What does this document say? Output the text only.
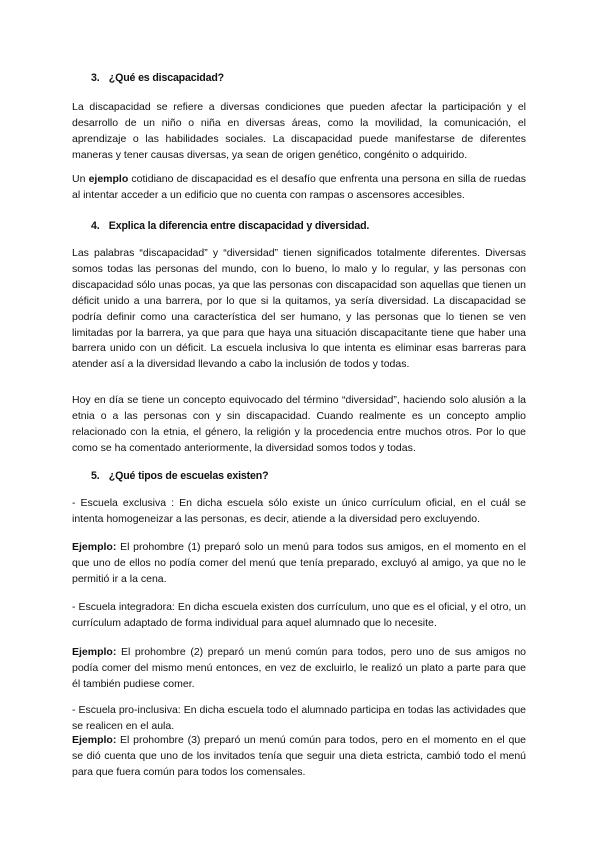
3. ¿Qué es discapacidad?

La discapacidad se refiere a diversas condiciones que pueden afectar la participación y el desarrollo de un niño o niña en diversas áreas, como la movilidad, la comunicación, el aprendizaje o las habilidades sociales. La discapacidad puede manifestarse de diferentes maneras y tener causas diversas, ya sean de origen genético, congénito o adquirido.

Un ejemplo cotidiano de discapacidad es el desafío que enfrenta una persona en silla de ruedas al intentar acceder a un edificio que no cuenta con rampas o ascensores accesibles.

4. Explica la diferencia entre discapacidad y diversidad.

Las palabras “discapacidad” y “diversidad” tienen significados totalmente diferentes. Diversas somos todas las personas del mundo, con lo bueno, lo malo y lo regular, y las personas con discapacidad sólo unas pocas, ya que las personas con discapacidad son aquellas que tienen un déficit unido a una barrera, por lo que si la quitamos, ya sería diversidad. La discapacidad se podría definir como una característica del ser humano, y las personas que lo tienen se ven limitadas por la barrera, ya que para que haya una situación discapacitante tiene que haber una barrera unido con un déficit. La escuela inclusiva lo que intenta es eliminar esas barreras para atender así a la diversidad llevando a cabo la inclusión de todos y todas.

Hoy en día se tiene un concepto equivocado del término “diversidad”, haciendo solo alusión a la etnia o a las personas con y sin discapacidad. Cuando realmente es un concepto amplio relacionado con la etnia, el género, la religión y la procedencia entre muchos otros. Por lo que como se ha comentado anteriormente, la diversidad somos todos y todas.

5. ¿Qué tipos de escuelas existen?

- Escuela exclusiva : En dicha escuela sólo existe un único currículum oficial, en el cuál se intenta homogeneizar a las personas, es decir, atiende a la diversidad pero excluyendo.

Ejemplo: El prohombre (1) preparó solo un menú para todos sus amigos, en el momento en el que uno de ellos no podía comer del menú que tenía preparado, excluyó al amigo, ya que no le permitió ir a la cena.

- Escuela integradora: En dicha escuela existen dos currículum, uno que es el oficial, y el otro, un currículum adaptado de forma individual para aquel alumnado que lo necesite.

Ejemplo: El prohombre (2) preparó un menú común para todos, pero uno de sus amigos no podía comer del mismo menú entonces, en vez de excluirlo, le realizó un plato a parte para que él también pudiese comer.

- Escuela pro-inclusiva: En dicha escuela todo el alumnado participa en todas las actividades que se realicen en el aula.

Ejemplo: El prohombre (3) preparó un menú común para todos, pero en el momento en el que se dió cuenta que uno de los invitados tenía que seguir una dieta estricta, cambió todo el menú para que fuera común para todos los comensales.
